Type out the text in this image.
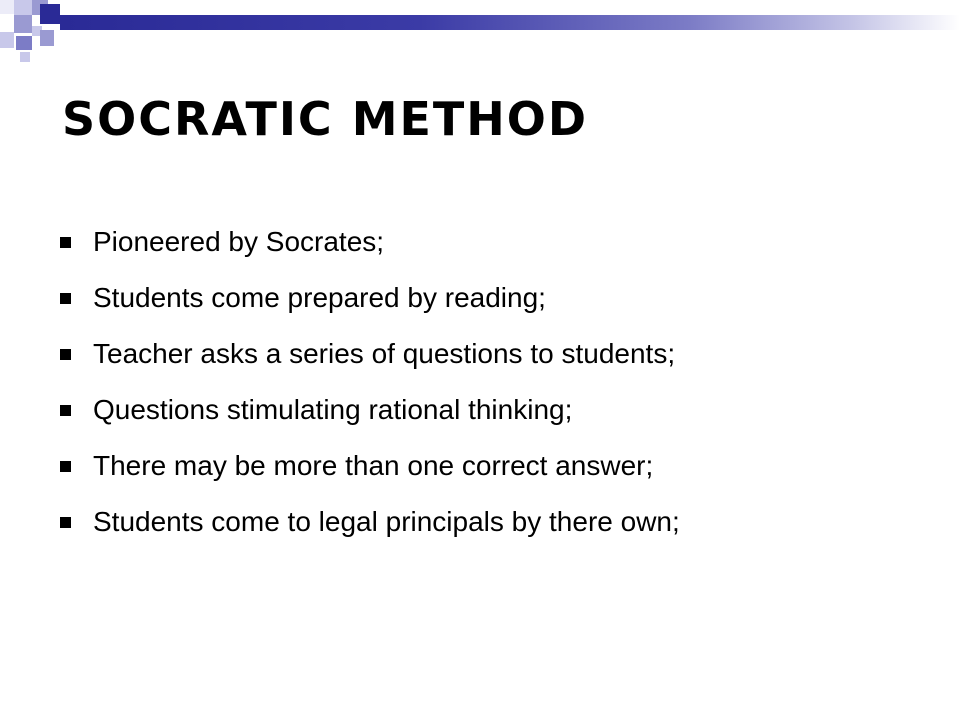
SOCRATIC METHOD
Pioneered by Socrates;
Students come prepared by reading;
Teacher asks a series of questions to students;
Questions stimulating rational thinking;
There may be more than one correct answer;
Students come to legal principals by there own;
